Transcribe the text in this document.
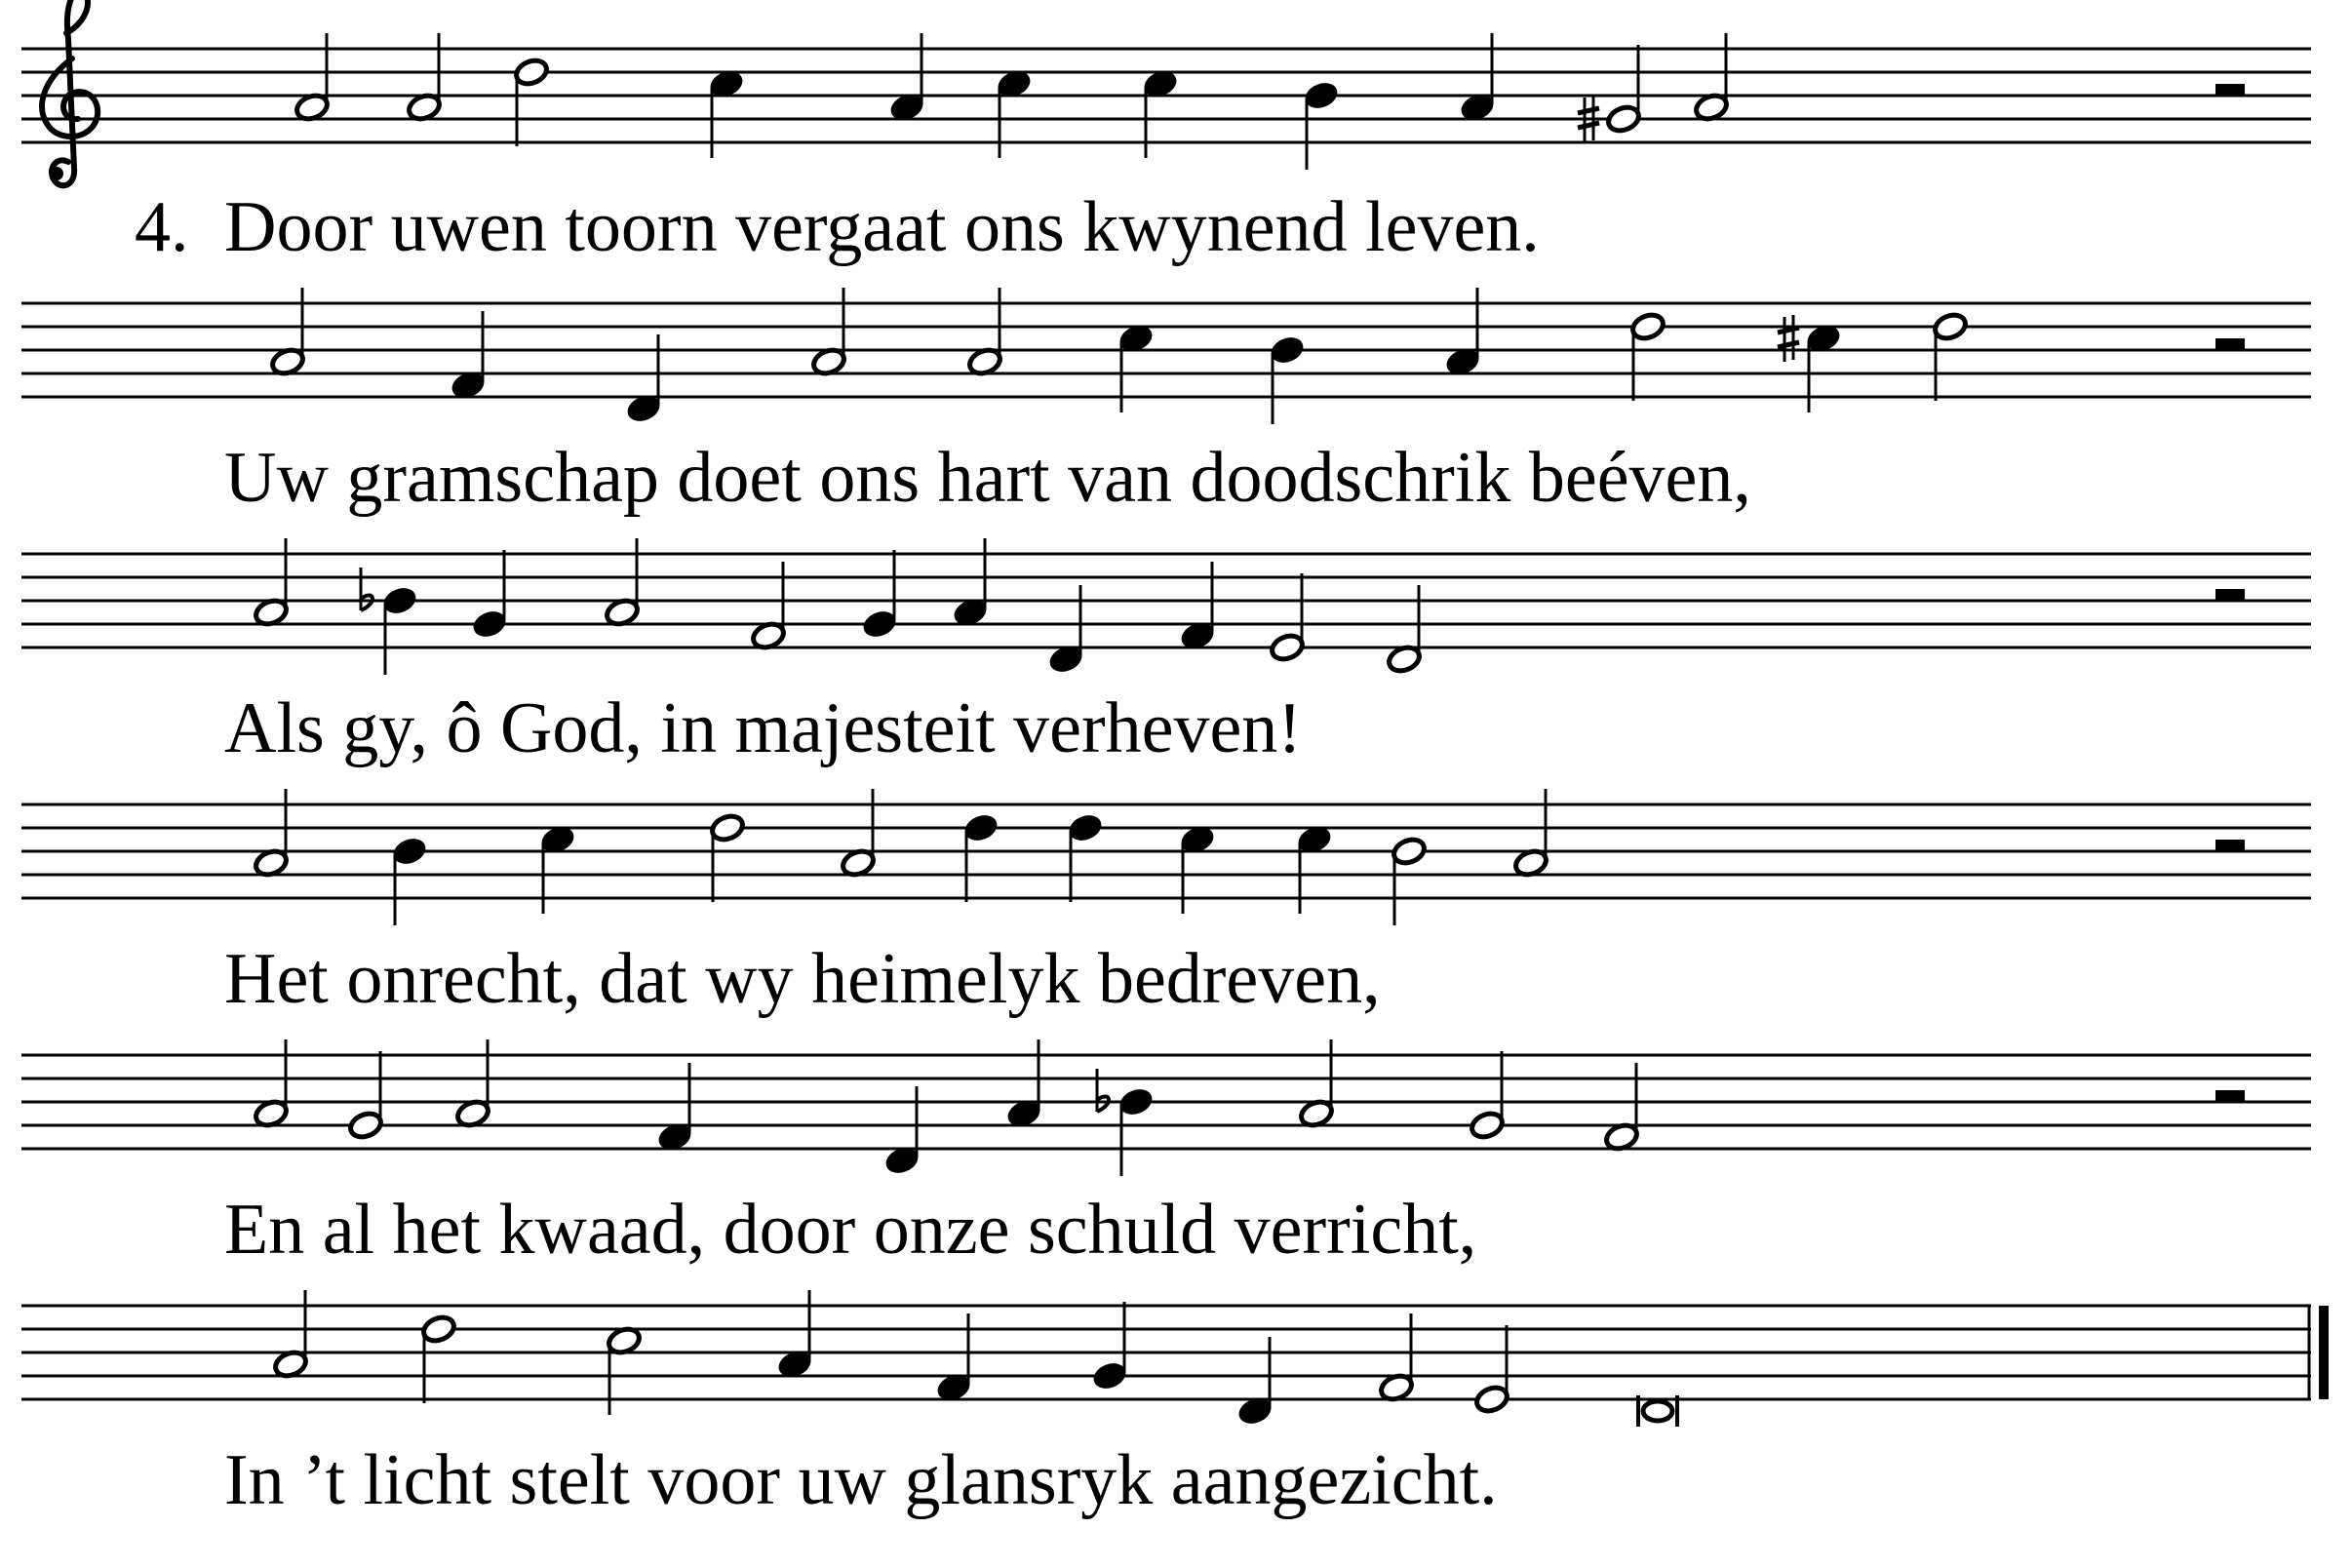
4. Door uwen toorn vergaat ons kwynend leven.
Uw gramschap doet ons hart van doodschrik beéven,
Als gy, ô God, in majesteit verheven!
Het onrecht, dat wy heimelyk bedreven,
En al het kwaad, door onze schuld verricht,
In ’t licht stelt voor uw glansryk aangezicht.
